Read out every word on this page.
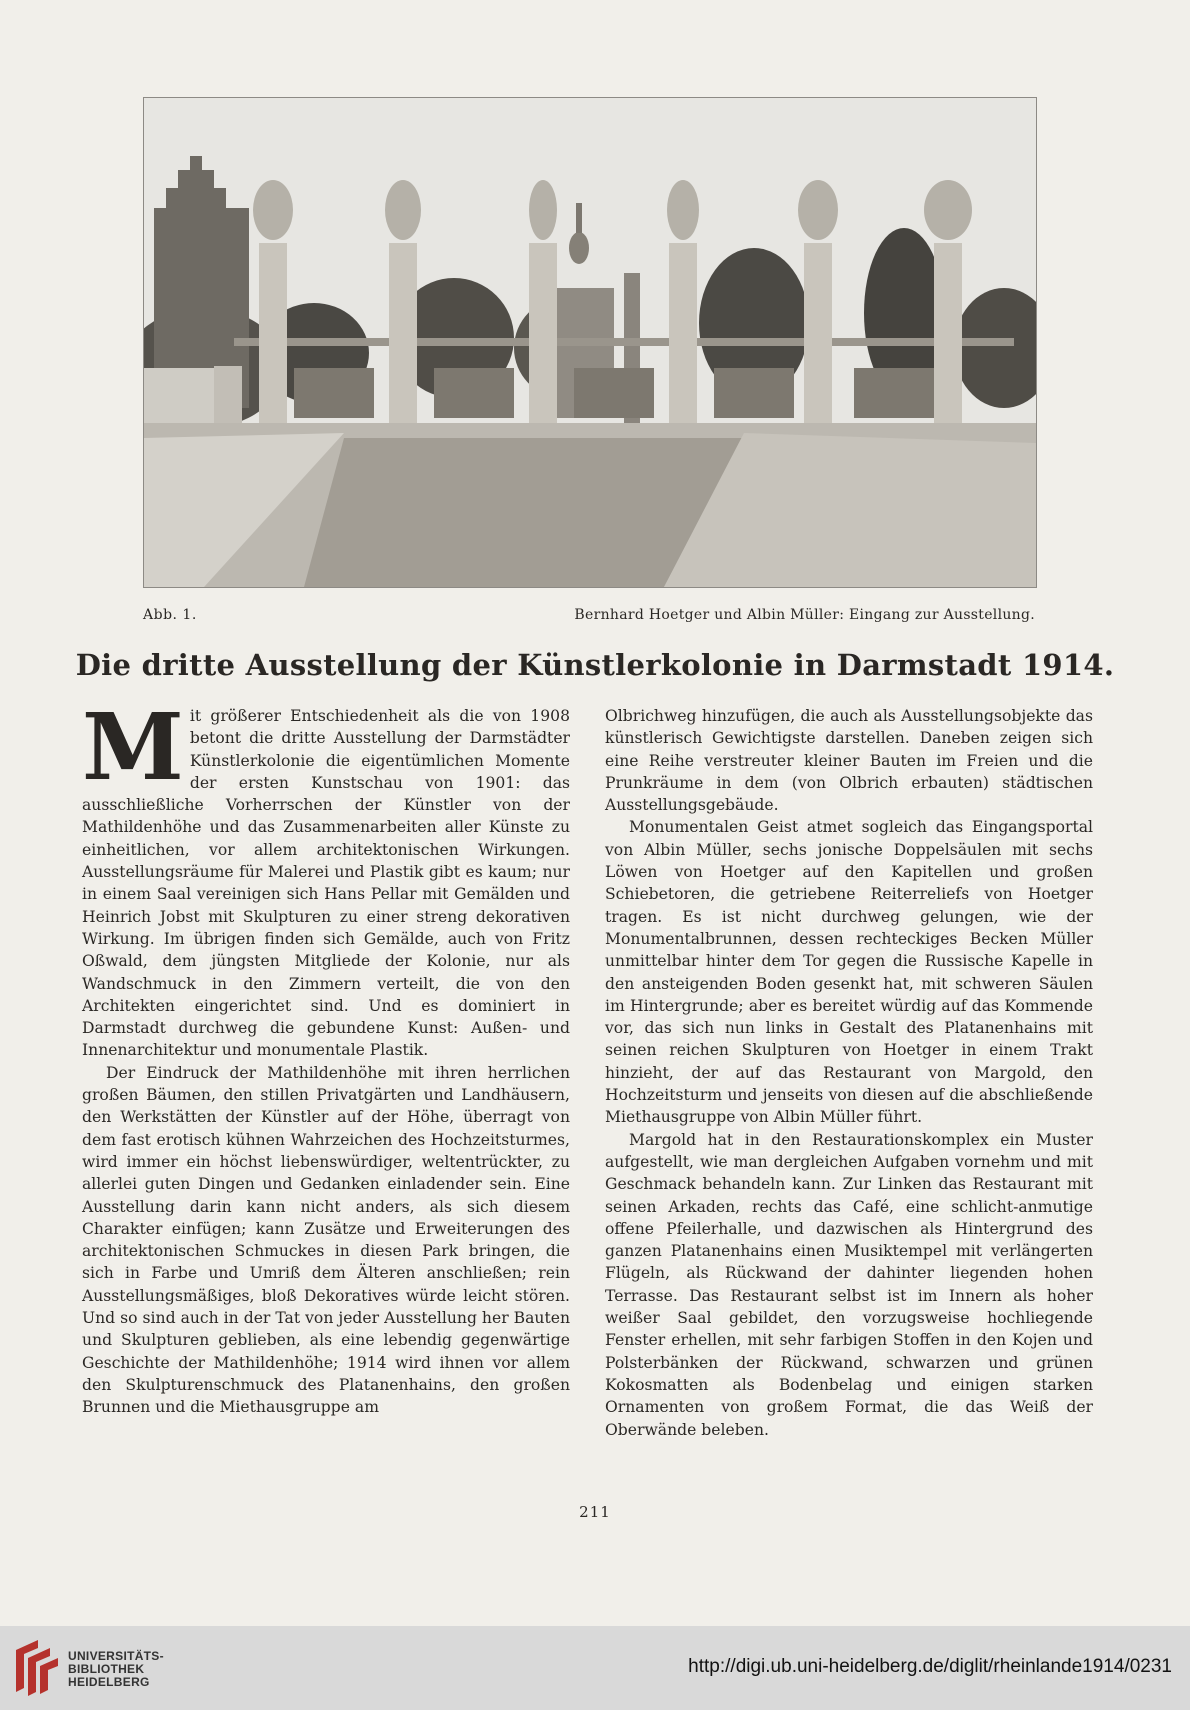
Abb. 1.	Bernhard Hoetger und Albin Müller: Eingang zur Ausstellung.
Die dritte Ausstellung der Künstlerkolonie in Darmstadt 1914.

Mit größerer Entschiedenheit als die von 1908 betont die dritte Ausstellung der Darmstädter Künstlerkolonie die eigentümlichen Momente der ersten Kunstschau von 1901: das ausschließliche Vorherrschen der Künstler von der Mathildenhöhe und das Zusammenarbeiten aller Künste zu einheitlichen, vor allem architektonischen Wirkungen. Ausstellungsräume für Malerei und Plastik gibt es kaum; nur in einem Saal vereinigen sich Hans Pellar mit Gemälden und Heinrich Jobst mit Skulpturen zu einer streng dekorativen Wirkung. Im übrigen finden sich Gemälde, auch von Fritz Oßwald, dem jüngsten Mitgliede der Kolonie, nur als Wandschmuck in den Zimmern verteilt, die von den Architekten eingerichtet sind. Und es dominiert in Darmstadt durchweg die gebundene Kunst: Außen- und Innenarchitektur und monumentale Plastik.

Der Eindruck der Mathildenhöhe mit ihren herrlichen großen Bäumen, den stillen Privatgärten und Landhäusern, den Werkstätten der Künstler auf der Höhe, überragt von dem fast erotisch kühnen Wahrzeichen des Hochzeitsturmes, wird immer ein höchst liebenswürdiger, weltentrückter, zu allerlei guten Dingen und Gedanken einladender sein. Eine Ausstellung darin kann nicht anders, als sich diesem Charakter einfügen; kann Zusätze und Erweiterungen des architektonischen Schmuckes in diesen Park bringen, die sich in Farbe und Umriß dem Älteren anschließen; rein Ausstellungsmäßiges, bloß Dekoratives würde leicht stören. Und so sind auch in der Tat von jeder Ausstellung her Bauten und Skulpturen geblieben, als eine lebendig gegenwärtige Geschichte der Mathildenhöhe; 1914 wird ihnen vor allem den Skulpturenschmuck des Platanenhains, den großen Brunnen und die Miethausgruppe am

Olbrichweg hinzufügen, die auch als Ausstellungsobjekte das künstlerisch Gewichtigste darstellen. Daneben zeigen sich eine Reihe verstreuter kleiner Bauten im Freien und die Prunkräume in dem (von Olbrich erbauten) städtischen Ausstellungsgebäude.

Monumentalen Geist atmet sogleich das Eingangsportal von Albin Müller, sechs jonische Doppelsäulen mit sechs Löwen von Hoetger auf den Kapitellen und großen Schiebetoren, die getriebene Reiterreliefs von Hoetger tragen. Es ist nicht durchweg gelungen, wie der Monumentalbrunnen, dessen rechteckiges Becken Müller unmittelbar hinter dem Tor gegen die Russische Kapelle in den ansteigenden Boden gesenkt hat, mit schweren Säulen im Hintergrunde; aber es bereitet würdig auf das Kommende vor, das sich nun links in Gestalt des Platanenhains mit seinen reichen Skulpturen von Hoetger in einem Trakt hinzieht, der auf das Restaurant von Margold, den Hochzeitsturm und jenseits von diesen auf die abschließende Miethausgruppe von Albin Müller führt.

Margold hat in den Restaurationskomplex ein Muster aufgestellt, wie man dergleichen Aufgaben vornehm und mit Geschmack behandeln kann. Zur Linken das Restaurant mit seinen Arkaden, rechts das Café, eine schlicht-anmutige offene Pfeilerhalle, und dazwischen als Hintergrund des ganzen Platanenhains einen Musiktempel mit verlängerten Flügeln, als Rückwand der dahinter liegenden hohen Terrasse. Das Restaurant selbst ist im Innern als hoher weißer Saal gebildet, den vorzugsweise hochliegende Fenster erhellen, mit sehr farbigen Stoffen in den Kojen und Polsterbänken der Rückwand, schwarzen und grünen Kokosmatten als Bodenbelag und einigen starken Ornamenten von großem Format, die das Weiß der Oberwände beleben.

211
UNIVERSITÄTS-
BIBLIOTHEK
HEIDELBERG
http://digi.ub.uni-heidelberg.de/diglit/rheinlande1914/0231
